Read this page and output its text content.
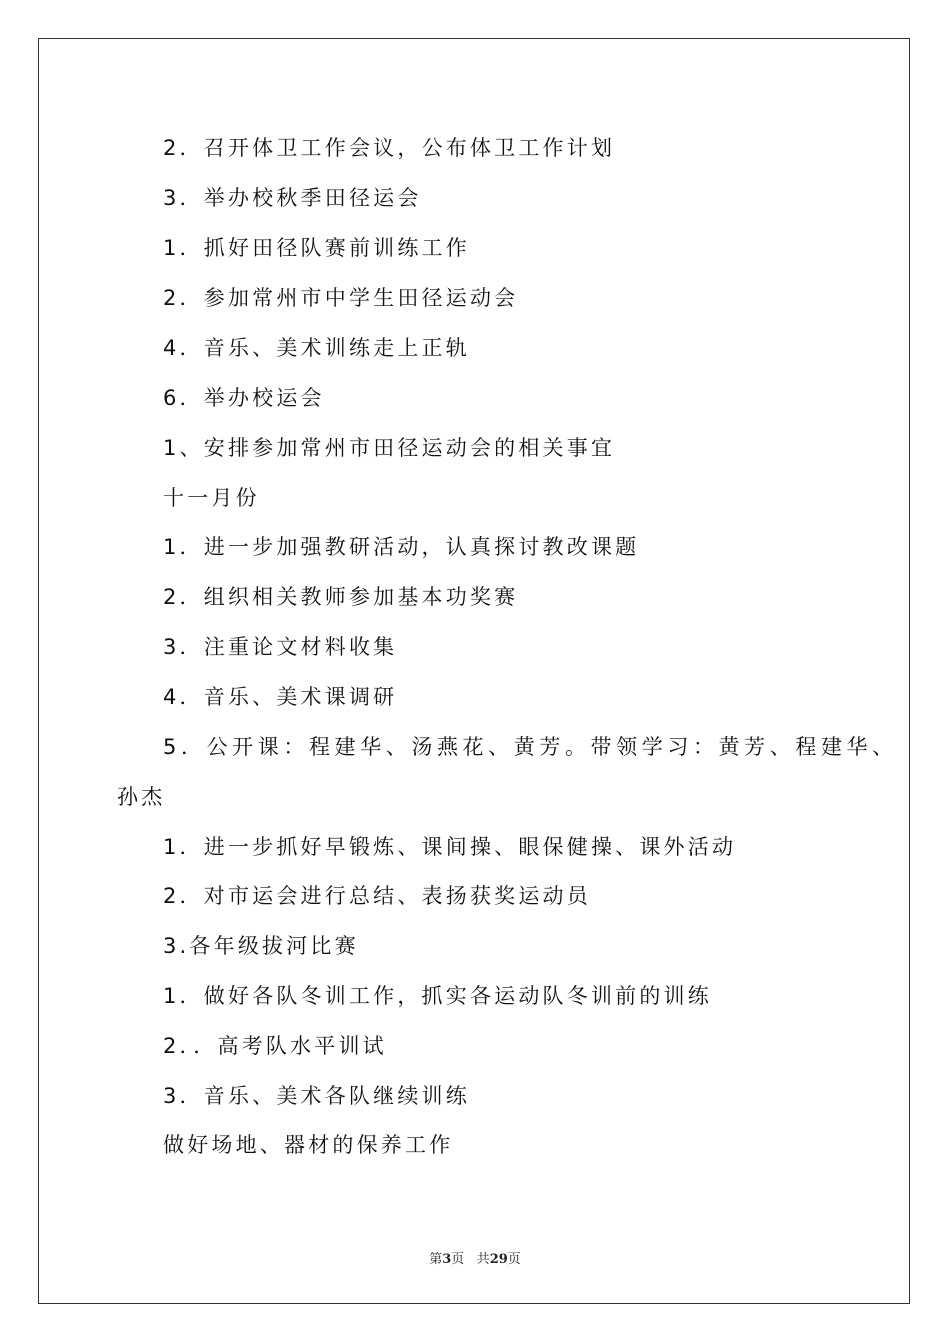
2．召开体卫工作会议，公布体卫工作计划
3．举办校秋季田径运会
1．抓好田径队赛前训练工作
2．参加常州市中学生田径运动会
4．音乐、美术训练走上正轨
6．举办校运会
1、安排参加常州市田径运动会的相关事宜
十一月份
1．进一步加强教研活动，认真探讨教改课题
2．组织相关教师参加基本功奖赛
3．注重论文材料收集
4．音乐、美术课调研
5．公开课：程建华、汤燕花、黄芳。带领学习：黄芳、程建华、
孙杰
1．进一步抓好早锻炼、课间操、眼保健操、课外活动
2．对市运会进行总结、表扬获奖运动员
3.各年级拔河比赛
1．做好各队冬训工作，抓实各运动队冬训前的训练
2．．高考队水平训试
3．音乐、美术各队继续训练
做好场地、器材的保养工作
第3页 共29页
